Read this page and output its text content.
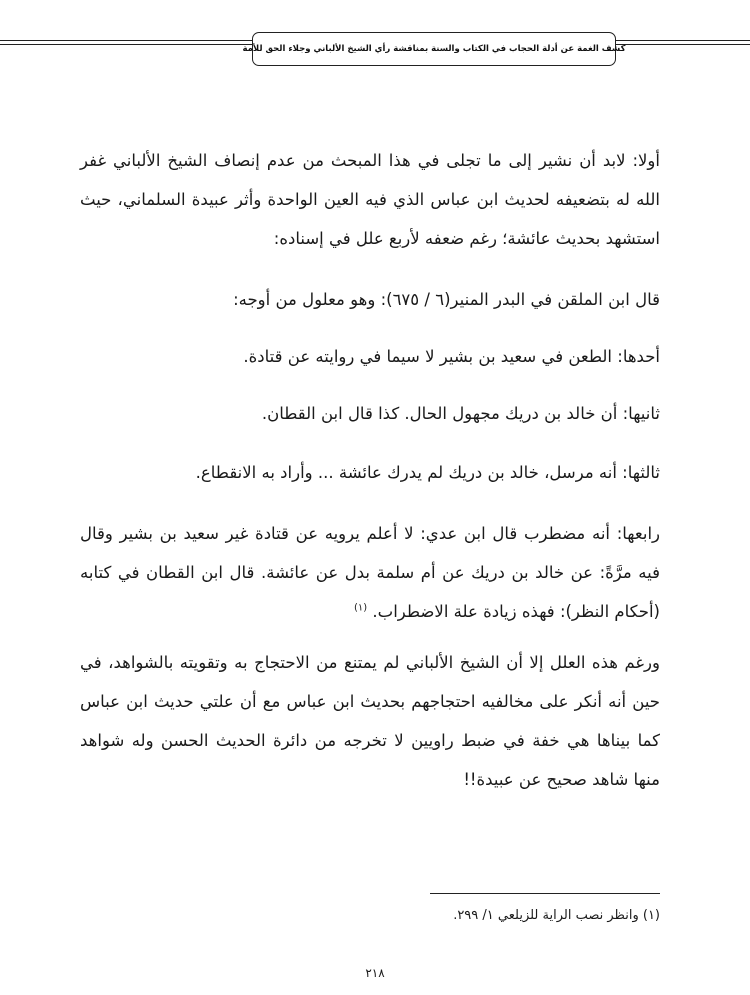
كشف الغمة عن أدلة الحجاب في الكتاب والسنة بمناقشة رأي الشيخ الألباني وجلاء الحق للأمة

أولا: لابد أن نشير إلى ما تجلى في هذا المبحث من عدم إنصاف الشيخ الألباني غفر الله له بتضعيفه لحديث ابن عباس الذي فيه العين الواحدة وأثر عبيدة السلماني، حيث استشهد بحديث عائشة؛ رغم ضعفه لأربع علل في إسناده:

قال ابن الملقن في البدر المنير(٦ / ٦٧٥): وهو معلول من أوجه:

أحدها: الطعن في سعيد بن بشير لا سيما في روايته عن قتادة.

ثانيها: أن خالد بن دريك مجهول الحال. كذا قال ابن القطان.

ثالثها: أنه مرسل، خالد بن دريك لم يدرك عائشة ... وأراد به الانقطاع.

رابعها: أنه مضطرب قال ابن عدي: لا أعلم يرويه عن قتادة غير سعيد بن بشير وقال فيه مرَّةً: عن خالد بن دريك عن أم سلمة بدل عن عائشة. قال ابن القطان في كتابه (أحكام النظر): فهذه زيادة علة الاضطراب. $^{(١)}$

ورغم هذه العلل إلا أن الشيخ الألباني لم يمتنع من الاحتجاج به وتقويته بالشواهد، في حين أنه أنكر على مخالفيه احتجاجهم بحديث ابن عباس مع أن علتي حديث ابن عباس كما بيناها هي خفة في ضبط راويين لا تخرجه من دائرة الحديث الحسن وله شواهد منها شاهد صحيح عن عبيدة!!

(١) وانظر نصب الراية للزيلعي ١/ ٢٩٩.
٢١٨
